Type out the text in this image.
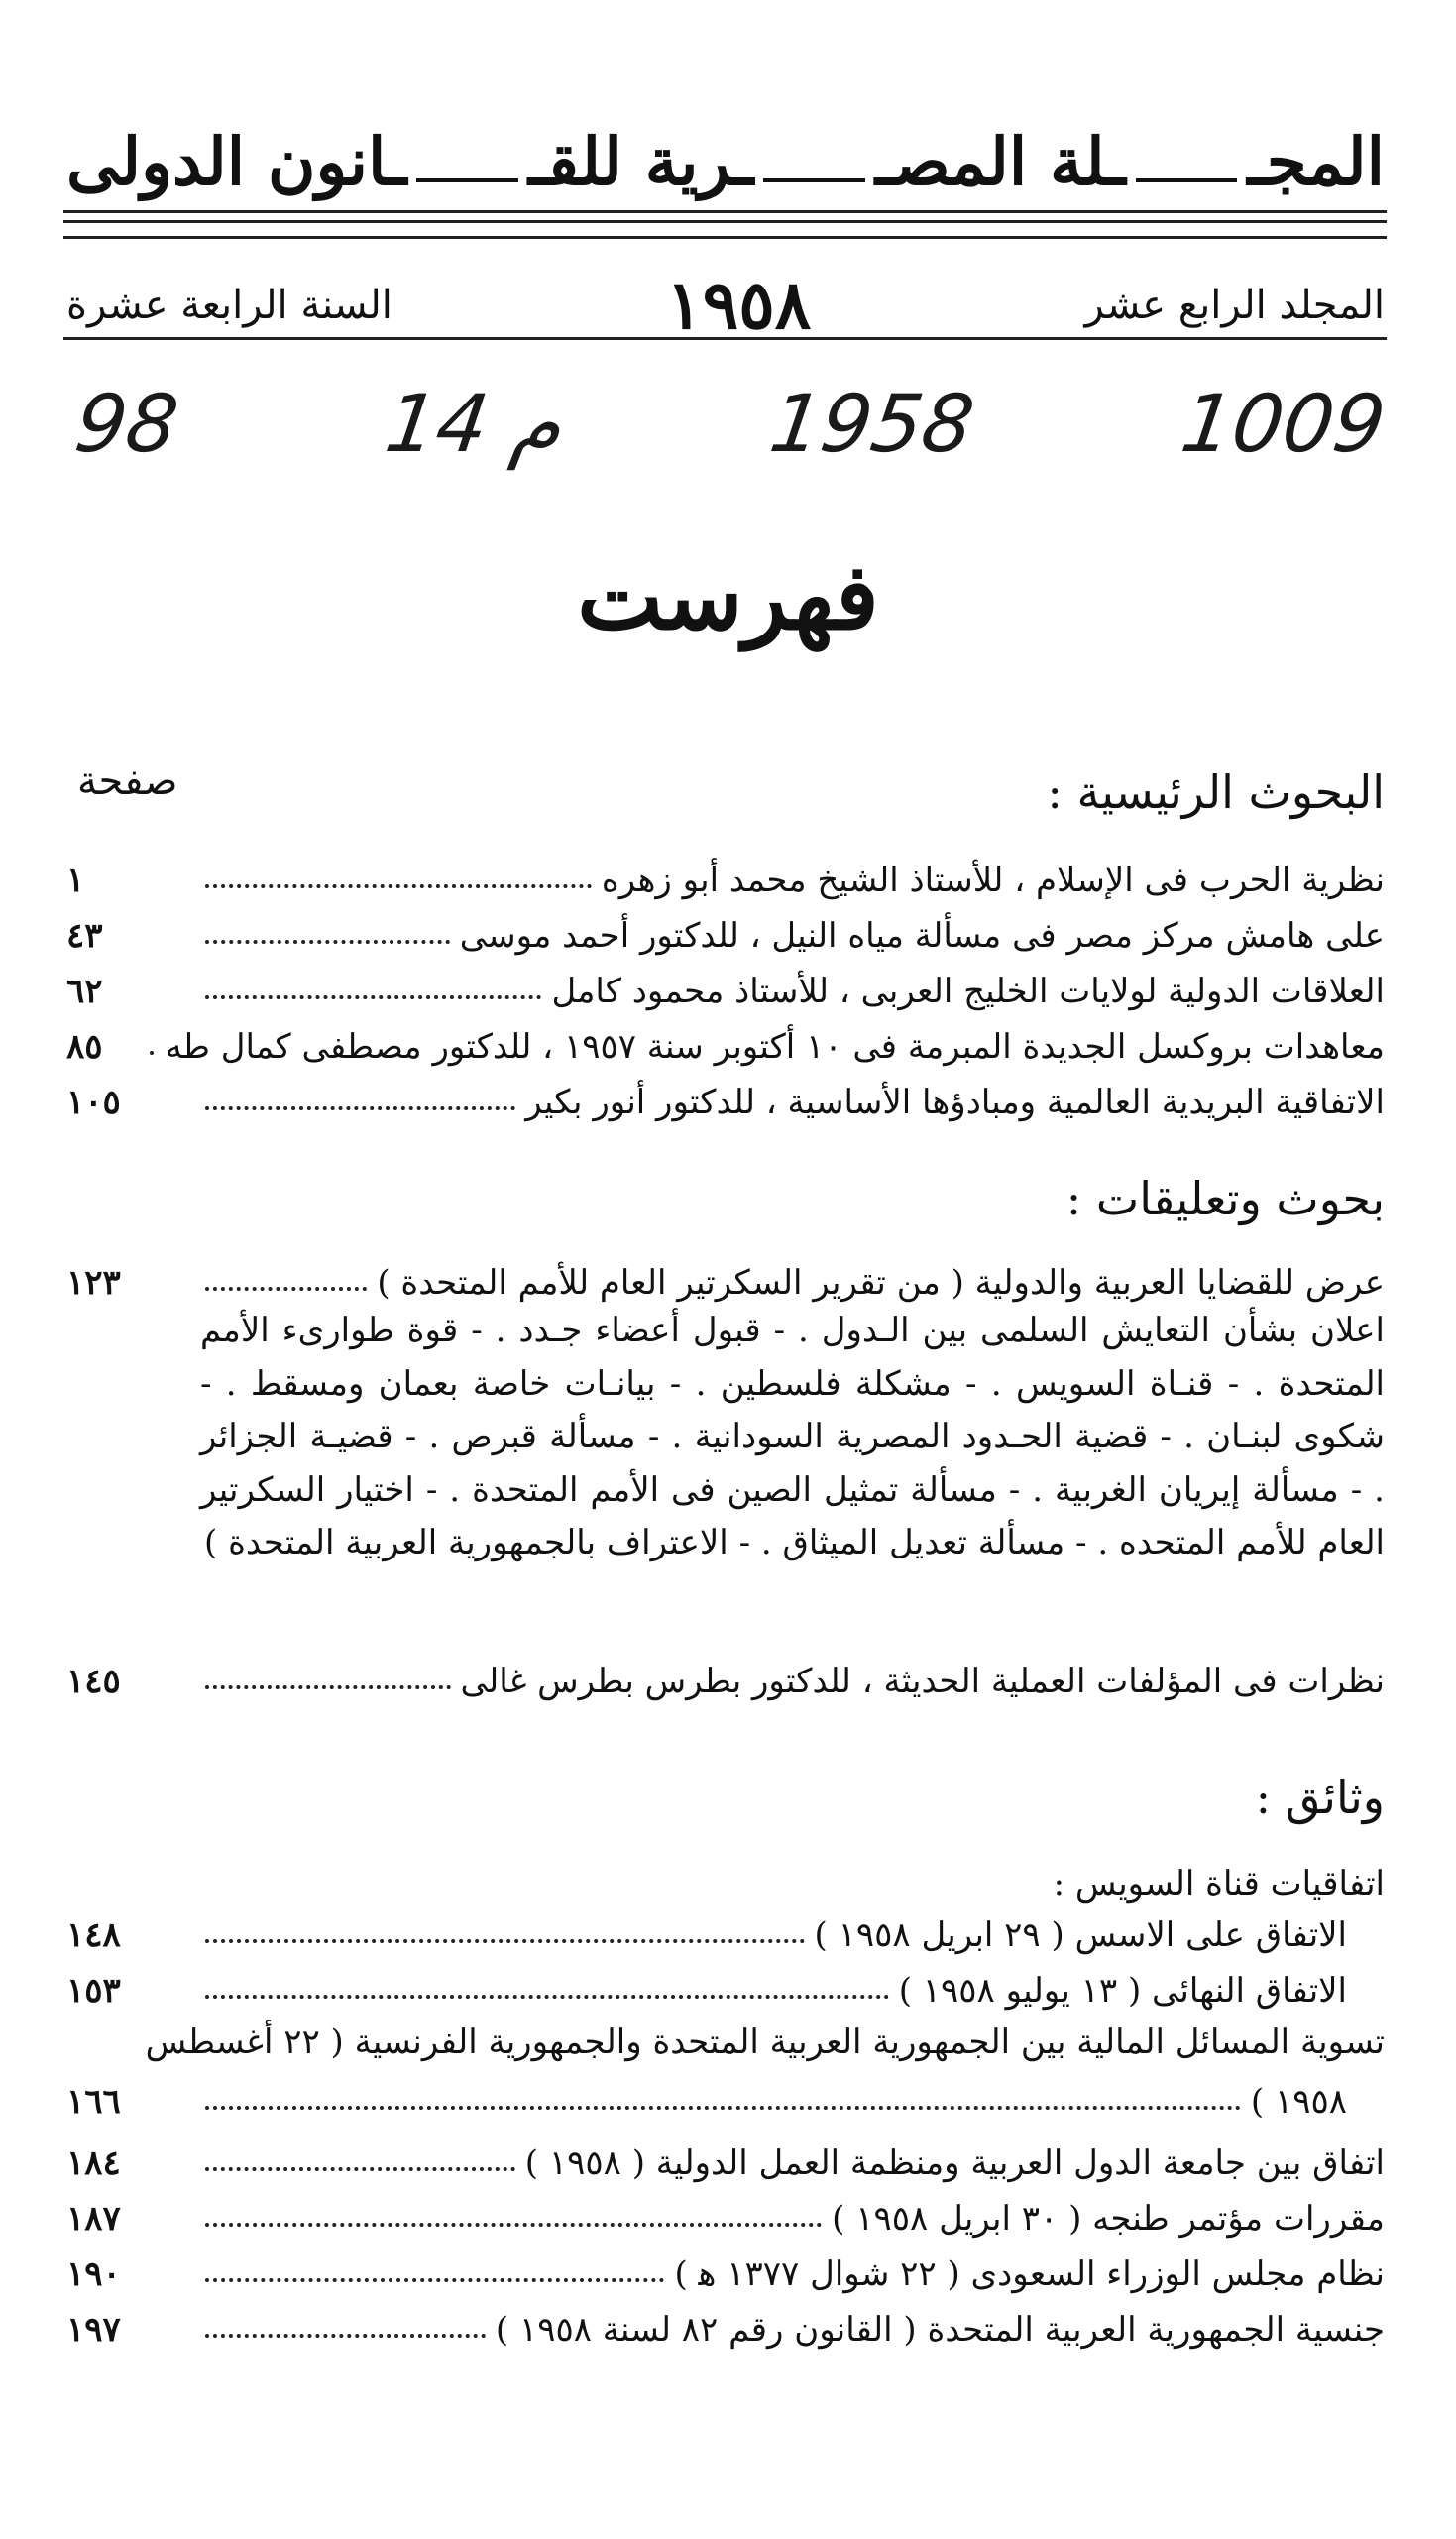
المجـ
ـلة المصـ
ـرية للقـ
ـانون الدولى
المجلد الرابع عشر
١٩٥٨
السنة الرابعة عشرة
98 14 م 1958 1009
فهرست
صفحة	البحوث الرئيسية :
نظرية الحرب فى الإسلام ، للأستاذ الشيخ محمد أبو زهره
١
على هامش مركز مصر فى مسألة مياه النيل ، للدكتور أحمد موسى
٤٣
العلاقات الدولية لولايات الخليج العربى ، للأستاذ محمود كامل
٦٢
معاهدات بروكسل الجديدة المبرمة فى ١٠ أكتوبر سنة ١٩٥٧ ، للدكتور مصطفى كمال طه
٨٥
الاتفاقية البريدية العالمية ومبادؤها الأساسية ، للدكتور أنور بكير
١٠٥
بحوث وتعليقات :
عرض للقضايا العربية والدولية ( من تقرير السكرتير العام للأمم المتحدة )
١٢٣
اعلان بشأن التعايش السلمى بين الـدول . - قبول أعضاء جـدد . - قوة طوارىء الأمم المتحدة . - قنـاة السويس . - مشكلة فلسطين . - بيانـات خاصة بعمان ومسقط . - شكوى لبنـان . - قضية الحـدود المصرية السودانية . - مسألة قبرص . - قضيـة الجزائر . - مسألة إيريان الغربية . - مسألة تمثيل الصين فى الأمم المتحدة . - اختيار السكرتير العام للأمم المتحده . - مسألة تعديل الميثاق . - الاعتراف بالجمهورية العربية المتحدة )
نظرات فى المؤلفات العملية الحديثة ، للدكتور بطرس بطرس غالى
١٤٥
وثائق :
اتفاقيات قناة السويس :
الاتفاق على الاسس ( ٢٩ ابريل ١٩٥٨ )
١٤٨
الاتفاق النهائى ( ١٣ يوليو ١٩٥٨ )
١٥٣
تسوية المسائل المالية بين الجمهورية العربية المتحدة والجمهورية الفرنسية ( ٢٢ أغسطس
١٩٥٨ )
١٦٦
اتفاق بين جامعة الدول العربية ومنظمة العمل الدولية ( ١٩٥٨ )
١٨٤
مقررات مؤتمر طنجه ( ٣٠ ابريل ١٩٥٨ )
١٨٧
نظام مجلس الوزراء السعودى ( ٢٢ شوال ١٣٧٧ ﻫ )
١٩٠
جنسية الجمهورية العربية المتحدة ( القانون رقم ٨٢ لسنة ١٩٥٨ )
١٩٧
